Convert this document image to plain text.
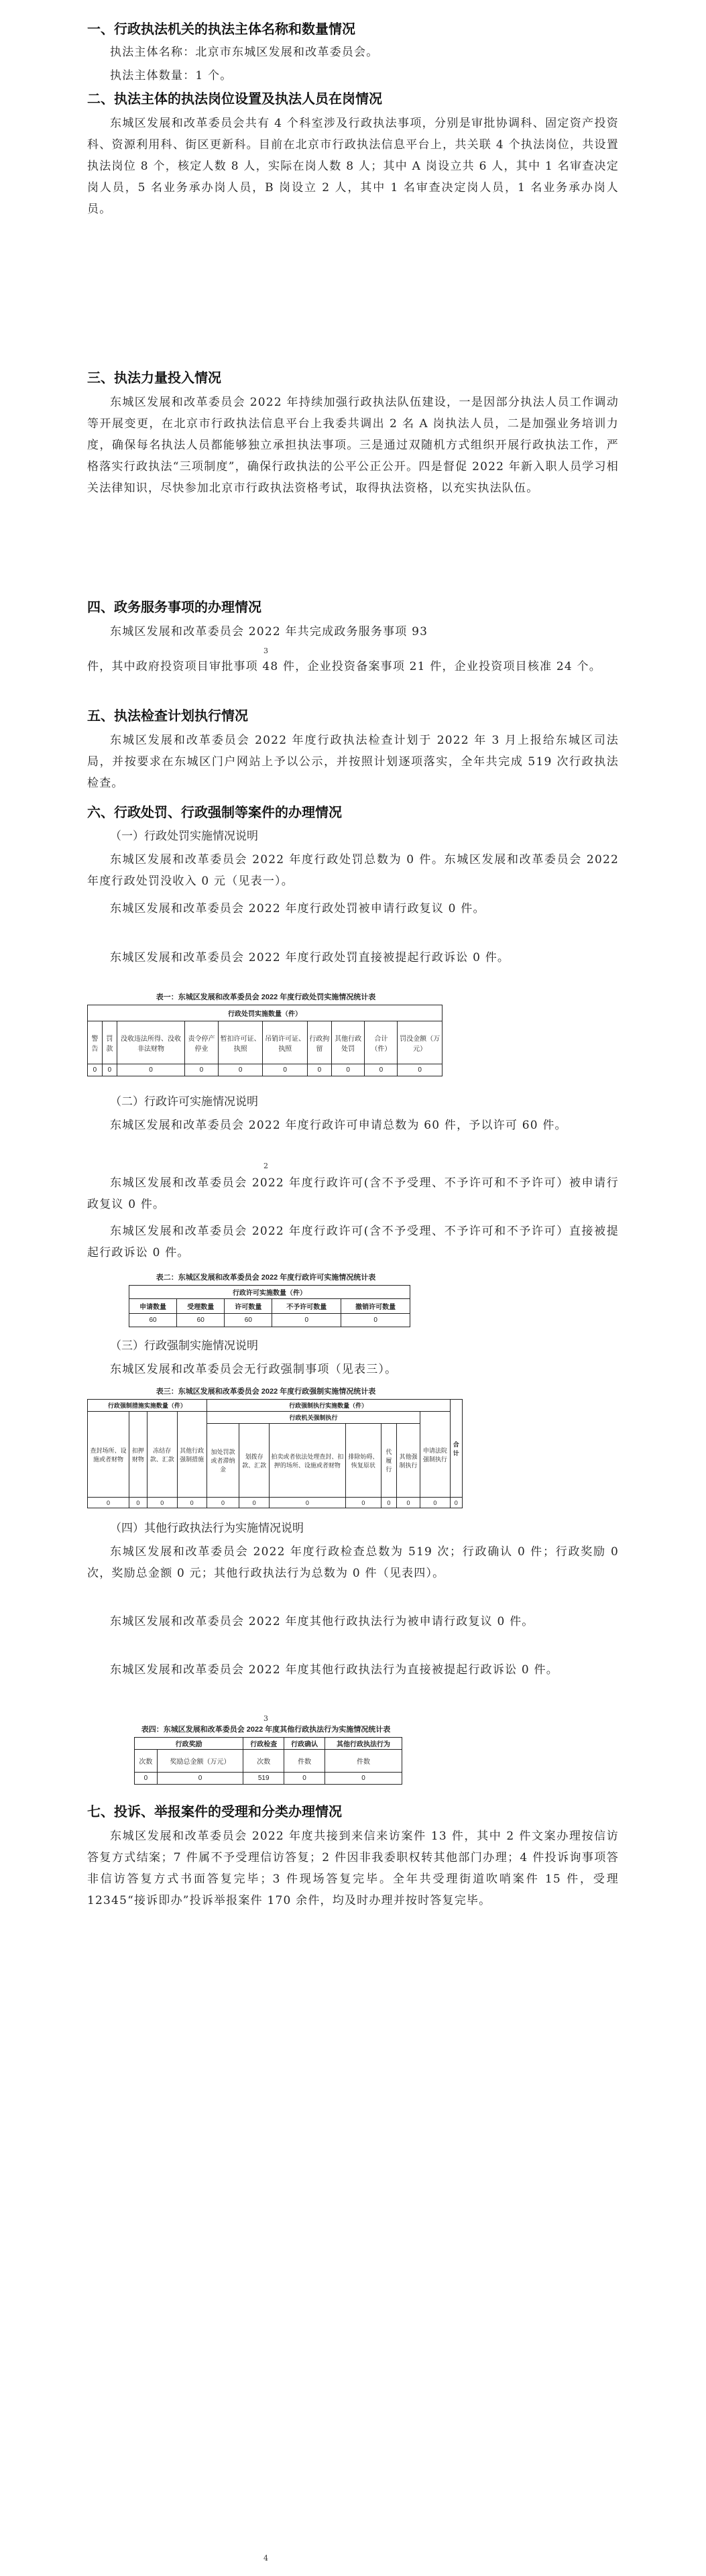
一、行政执法机关的执法主体名称和数量情况
执法主体名称：北京市东城区发展和改革委员会。
执法主体数量：1 个。
二、执法主体的执法岗位设置及执法人员在岗情况
东城区发展和改革委员会共有 4 个科室涉及行政执法事项，分别是审批协调科、固定资产投资科、资源利用科、街区更新科。目前在北京市行政执法信息平台上，共关联 4 个执法岗位，共设置执法岗位 8 个，核定人数 8 人，实际在岗人数 8 人；其中 A 岗设立共 6 人，其中 1 名审查决定岗人员，5 名业务承办岗人员，B 岗设立 2 人，其中 1 名审查决定岗人员，1 名业务承办岗人员。
三、执法力量投入情况
东城区发展和改革委员会 2022 年持续加强行政执法队伍建设，一是因部分执法人员工作调动等开展变更，在北京市行政执法信息平台上我委共调出 2 名 A 岗执法人员，二是加强业务培训力度，确保每名执法人员都能够独立承担执法事项。三是通过双随机方式组织开展行政执法工作，严格落实行政执法“三项制度”，确保行政执法的公平公正公开。四是督促 2022 年新入职人员学习相关法律知识，尽快参加北京市行政执法资格考试，取得执法资格，以充实执法队伍。
四、政务服务事项的办理情况
东城区发展和改革委员会 2022 年共完成政务服务事项 93
3
件，其中政府投资项目审批事项 48 件，企业投资备案事项 21 件，企业投资项目核准 24 个。
五、执法检查计划执行情况
东城区发展和改革委员会 2022 年度行政执法检查计划于 2022 年 3 月上报给东城区司法局，并按要求在东城区门户网站上予以公示，并按照计划逐项落实，全年共完成 519 次行政执法检查。
六、行政处罚、行政强制等案件的办理情况
（一）行政处罚实施情况说明
东城区发展和改革委员会 2022 年度行政处罚总数为 0 件。东城区发展和改革委员会 2022 年度行政处罚没收入 0 元（见表一）。
东城区发展和改革委员会 2022 年度行政处罚被申请行政复议 0 件。
东城区发展和改革委员会 2022 年度行政处罚直接被提起行政诉讼 0 件。
表一：东城区发展和改革委员会 2022 年度行政处罚实施情况统计表
行政处罚实施数量（件）									
警告	罚款	没收违法所得、没收非法财物	责令停产停业	暂扣许可证、执照	吊销许可证、执照	行政拘留	其他行政处罚	合计（件）	罚没金额（万元）
0	0	0	0	0	0	0	0	0	0
（二）行政许可实施情况说明
东城区发展和改革委员会 2022 年度行政许可申请总数为 60 件，予以许可 60 件。
2
东城区发展和改革委员会 2022 年度行政许可(含不予受理、不予许可和不予许可）被申请行政复议 0 件。
东城区发展和改革委员会 2022 年度行政许可(含不予受理、不予许可和不予许可）直接被提起行政诉讼 0 件。
表二：东城区发展和改革委员会 2022 年度行政许可实施情况统计表
行政许可实施数量（件）				
申请数量	受理数量	许可数量	不予许可数量	撤销许可数量
60	60	60	0	0
（三）行政强制实施情况说明
东城区发展和改革委员会无行政强制事项（见表三）。
表三：东城区发展和改革委员会 2022 年度行政强制实施情况统计表
行政强制措施实施数量（件）				行政强制执行实施数量（件）							合计
查封场所、设施或者财物	扣押财物	冻结存款、汇款	其他行政强制措施	行政机关强制执行						申请法院强制执行	
				加处罚款或者滞纳金	划拨存款、汇款	拍卖或者依法处理查封、扣押的场所、设施或者财物	排除妨碍、恢复原状	代履行	其他强制执行		
0	0	0	0	0	0	0	0	0	0	0	0
（四）其他行政执法行为实施情况说明
东城区发展和改革委员会 2022 年度行政检查总数为 519 次；行政确认 0 件；行政奖励 0 次，奖励总金额 0 元；其他行政执法行为总数为 0 件（见表四）。
东城区发展和改革委员会 2022 年度其他行政执法行为被申请行政复议 0 件。
东城区发展和改革委员会 2022 年度其他行政执法行为直接被提起行政诉讼 0 件。
3
表四：东城区发展和改革委员会 2022 年度其他行政执法行为实施情况统计表
行政奖励		行政检查	行政确认	其他行政执法行为
次数	奖励总金额（万元）	次数	件数	件数
0	0	519	0	0
七、投诉、举报案件的受理和分类办理情况
东城区发展和改革委员会 2022 年度共接到来信来访案件 13 件，其中 2 件文案办理按信访答复方式结案；7 件属不予受理信访答复；2 件因非我委职权转其他部门办理；4 件投诉询事项答非信访答复方式书面答复完毕；3 件现场答复完毕。全年共受理街道吹哨案件 15 件，受理 12345“接诉即办”投诉举报案件 170 余件，均及时办理并按时答复完毕。
4
